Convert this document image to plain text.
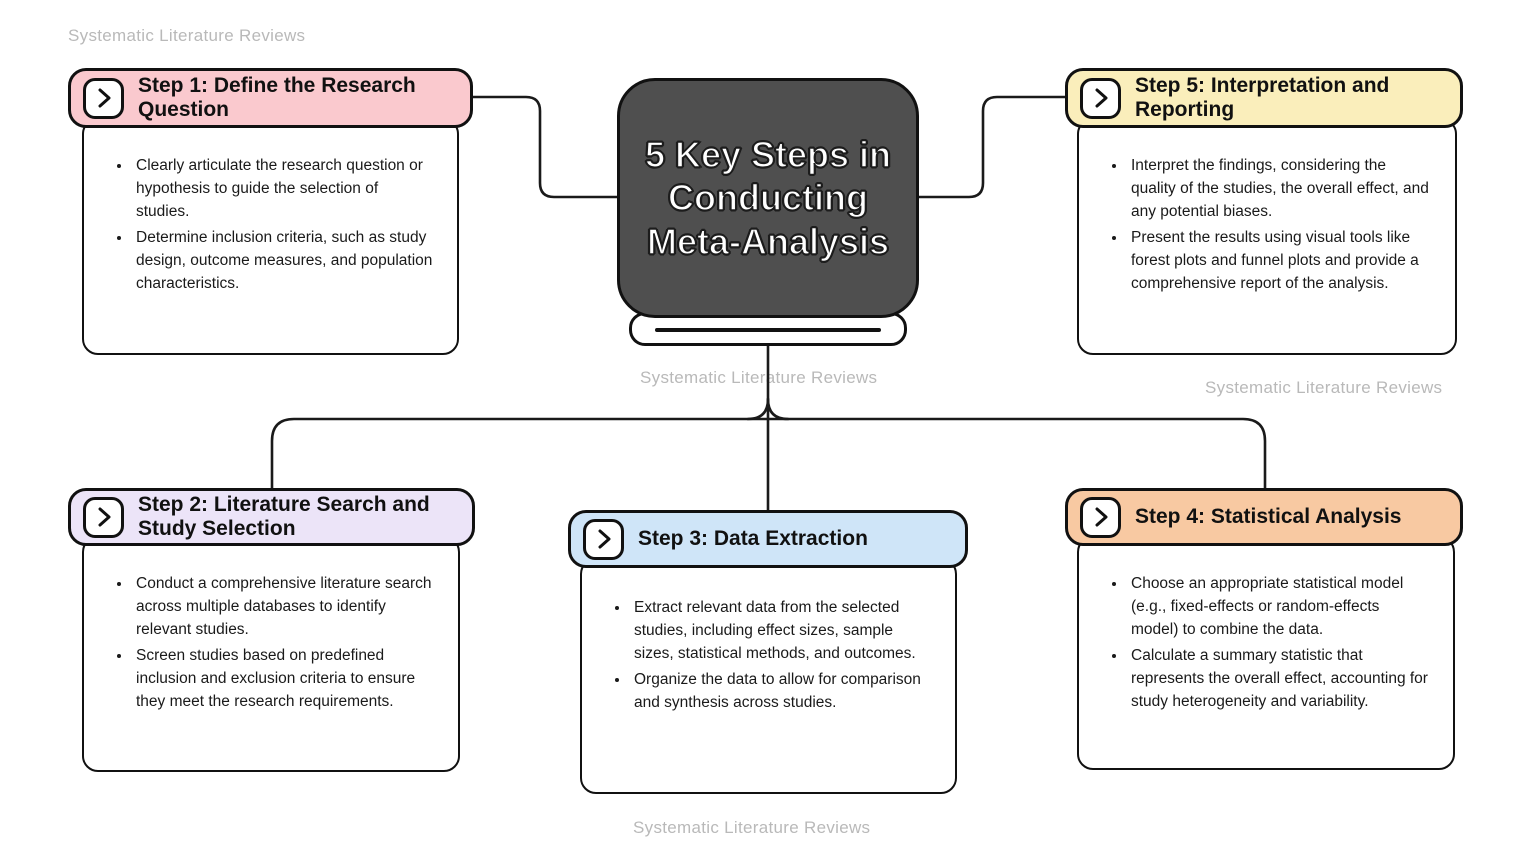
Systematic Literature Reviews
Systematic Literature Reviews
Systematic Literature Reviews
Systematic Literature Reviews
5 Key Steps in
Conducting
Meta-Analysis
• Clearly articulate the research question or hypothesis to guide the selection of studies.
• Determine inclusion criteria, such as study design, outcome measures, and population characteristics.
Step 1: Define the Research Question
• Conduct a comprehensive literature search across multiple databases to identify relevant studies.
• Screen studies based on predefined inclusion and exclusion criteria to ensure they meet the research requirements.
Step 2: Literature Search and Study Selection
• Extract relevant data from the selected studies, including effect sizes, sample sizes, statistical methods, and outcomes.
• Organize the data to allow for comparison and synthesis across studies.
Step 3: Data Extraction
• Choose an appropriate statistical model (e.g., fixed-effects or random-effects model) to combine the data.
• Calculate a summary statistic that represents the overall effect, accounting for study heterogeneity and variability.
Step 4: Statistical Analysis
• Interpret the findings, considering the quality of the studies, the overall effect, and any potential biases.
• Present the results using visual tools like forest plots and funnel plots and provide a comprehensive report of the analysis.
Step 5: Interpretation and Reporting
